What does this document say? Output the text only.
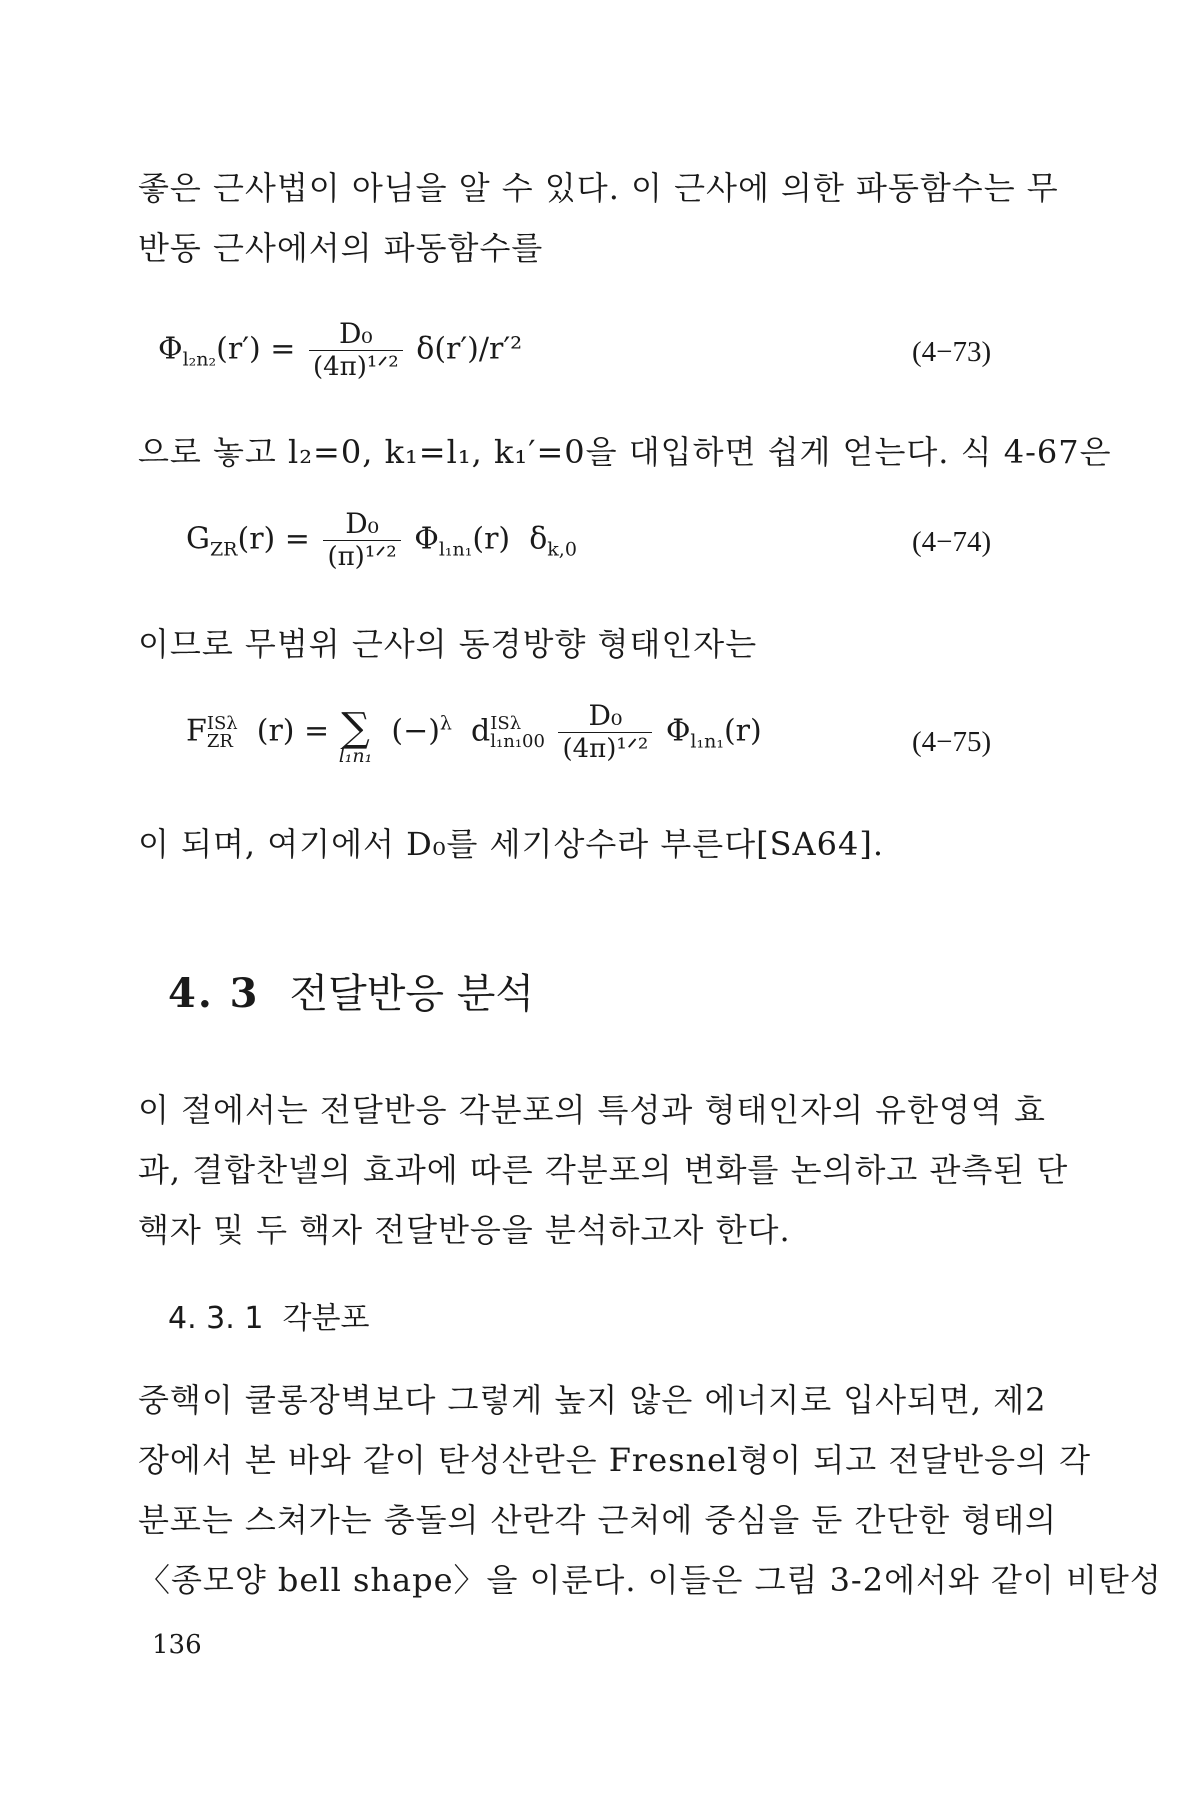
좋은 근사법이 아님을 알 수 있다. 이 근사에 의한 파동함수는 무
반동 근사에서의 파동함수를
$\Phi_{l_2n_2}(r') = \frac{\text{D₀}}{\text{(4π)¹ᐟ²}} \delta(r')/r'^2$	(4−73)
으로 놓고 l₂=0, k₁=l₁, k₁′=0을 대입하면 쉽게 얻는다. 식 4-67은
$G_{ZR}(r) = \frac{\text{D₀}}{\text{(π)¹ᐟ²}} \Phi_{l_1n_1}(r)$ $\delta_{k,0}$	(4−74)
이므로 무범위 근사의 동경방향 형태인자는
F ISλ
ZR (r) = ∑
l₁n₁
$(-)^\lambda$ d ISλ
l₁n₁00
$\frac{\text{D₀}}{\text{(4π)¹ᐟ²}} \Phi_{l_1n_1}(r)$	(4−75)
이 되며, 여기에서 D₀를 세기상수라 부른다[SA64].
4. 3 전달반응 분석
이 절에서는 전달반응 각분포의 특성과 형태인자의 유한영역 효
과, 결합찬넬의 효과에 따른 각분포의 변화를 논의하고 관측된 단
핵자 및 두 핵자 전달반응을 분석하고자 한다.
4. 3. 1 각분포
중핵이 쿨롱장벽보다 그렇게 높지 않은 에너지로 입사되면, 제2
장에서 본 바와 같이 탄성산란은 Fresnel형이 되고 전달반응의 각
분포는 스쳐가는 충돌의 산란각 근처에 중심을 둔 간단한 형태의
〈종모양 bell shape〉을 이룬다. 이들은 그림 3-2에서와 같이 비탄성
136
